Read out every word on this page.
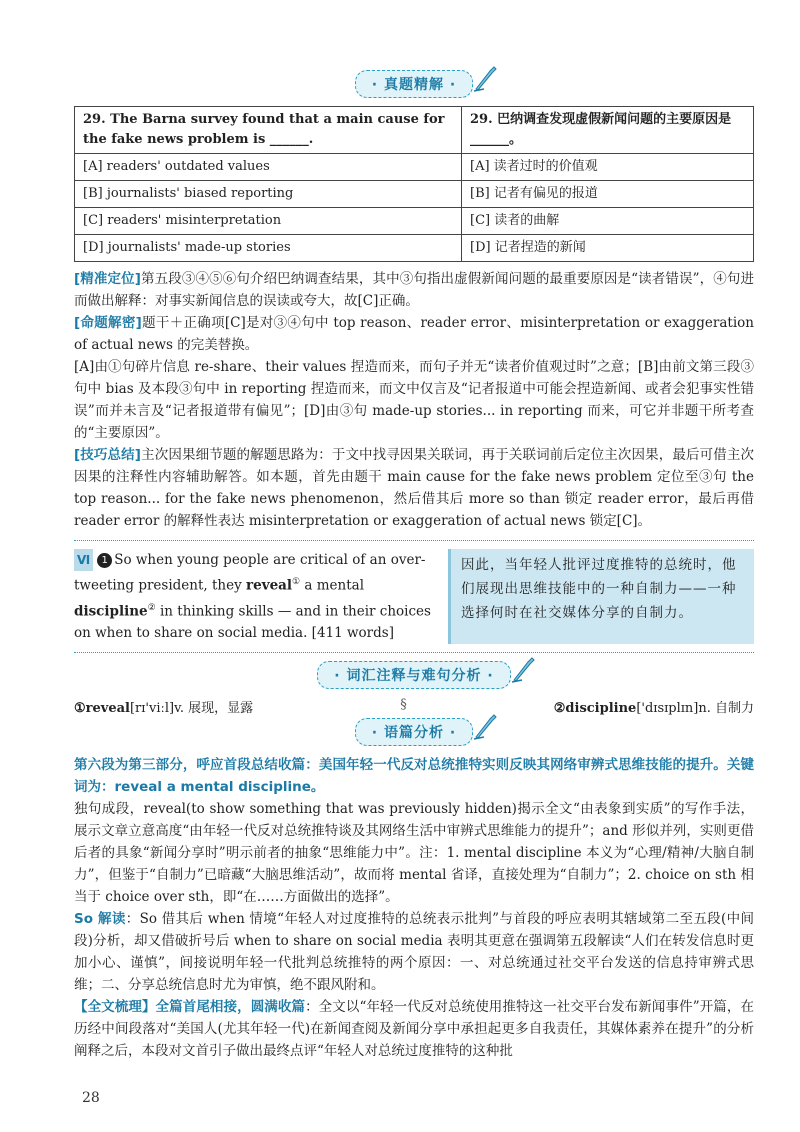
· 真题精解 ·
29. The Barna survey found that a main cause for the fake news problem is ______.	29. 巴纳调查发现虚假新闻问题的主要原因是______。
[A] readers' outdated values	[A] 读者过时的价值观
[B] journalists' biased reporting	[B] 记者有偏见的报道
[C] readers' misinterpretation	[C] 读者的曲解
[D] journalists' made-up stories	[D] 记者捏造的新闻

[精准定位]第五段③④⑤⑥句介绍巴纳调查结果，其中③句指出虚假新闻问题的最重要原因是“读者错误”，④句进而做出解释：对事实新闻信息的误读或夸大，故[C]正确。

[命题解密]题干＋正确项[C]是对③④句中 top reason、reader error、misinterpretation or exaggeration of actual news 的完美替换。

[A]由①句碎片信息 re-share、their values 捏造而来，而句子并无“读者价值观过时”之意；[B]由前文第三段③句中 bias 及本段③句中 in reporting 捏造而来，而文中仅言及“记者报道中可能会捏造新闻、或者会犯事实性错误”而并未言及“记者报道带有偏见”；[D]由③句 made-up stories... in reporting 而来，可它并非题干所考查的“主要原因”。

[技巧总结]主次因果细节题的解题思路为：于文中找寻因果关联词，再于关联词前后定位主次因果，最后可借主次因果的注释性内容辅助解答。如本题，首先由题干 main cause for the fake news problem 定位至③句 the top reason... for the fake news phenomenon，然后借其后 more so than 锁定 reader error，最后再借 reader error 的解释性表达 misinterpretation or exaggeration of actual news 锁定[C]。

Ⅵ 1 So when young people are critical of an over-tweeting president, they reveal① a mental discipline② in thinking skills — and in their choices on when to share on social media. [411 words]
因此，当年轻人批评过度推特的总统时，他们展现出思维技能中的一种自制力——一种选择何时在社交媒体分享的自制力。
· 词汇注释与难句分析 ·
①reveal[rɪ'viːl]v. 展现，显露	§	②discipline['dɪsɪplɪn]n. 自制力
· 语篇分析 ·

第六段为第三部分，呼应首段总结收篇：美国年轻一代反对总统推特实则反映其网络审辨式思维技能的提升。关键词为：reveal a mental discipline。

独句成段，reveal(to show something that was previously hidden)揭示全文“由表象到实质”的写作手法，展示文章立意高度“由年轻一代反对总统推特谈及其网络生活中审辨式思维能力的提升”；and 形似并列，实则更借后者的具象“新闻分享时”明示前者的抽象“思维能力中”。注：1. mental discipline 本义为“心理/精神/大脑自制力”，但鉴于“自制力”已暗藏“大脑思维活动”，故而将 mental 省译，直接处理为“自制力”；2. choice on sth 相当于 choice over sth，即“在……方面做出的选择”。

So 解读：So 借其后 when 情境“年轻人对过度推特的总统表示批判”与首段的呼应表明其辖域第二至五段(中间段)分析，却又借破折号后 when to share on social media 表明其更意在强调第五段解读“人们在转发信息时更加小心、谨慎”，间接说明年轻一代批判总统推特的两个原因：一、对总统通过社交平台发送的信息持审辨式思维；二、分享总统信息时尤为审慎，绝不跟风附和。

【全文梳理】全篇首尾相接，圆满收篇：全文以“年轻一代反对总统使用推特这一社交平台发布新闻事件”开篇，在历经中间段落对“美国人(尤其年轻一代)在新闻查阅及新闻分享中承担起更多自我责任，其媒体素养在提升”的分析阐释之后，本段对文首引子做出最终点评“年轻人对总统过度推特的这种批

28
